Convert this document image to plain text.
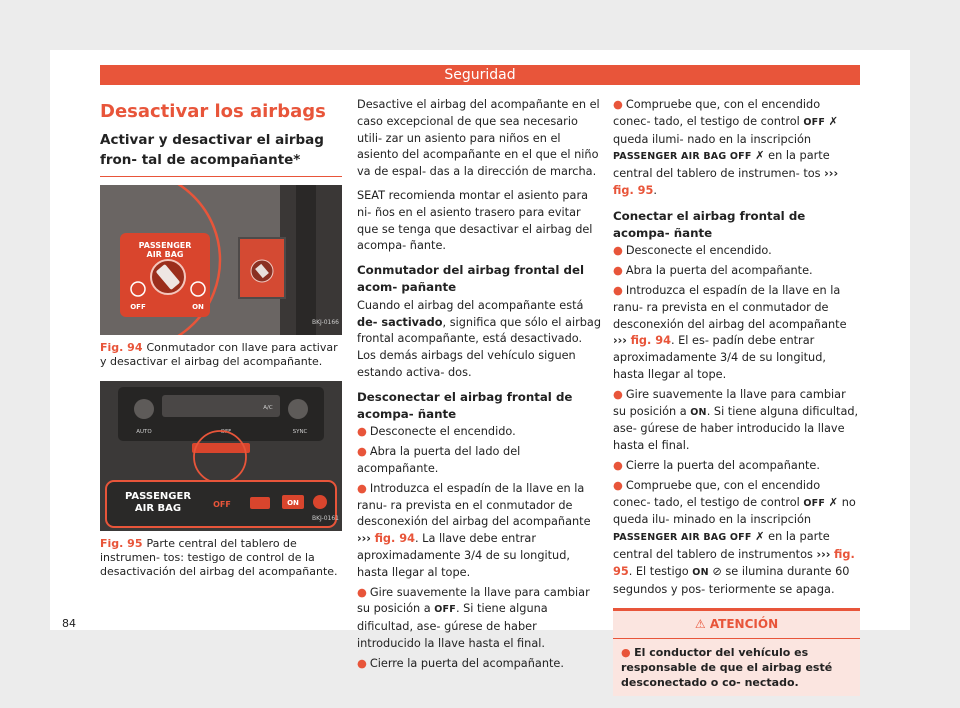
Seguridad
Desactivar los airbags
Activar y desactivar el airbag fron- tal de acompañante*
PASSENGER
AIR BAG
OFF	ON
BKJ-0166
Fig. 94 Conmutador con llave para activar y desactivar el airbag del acompañante.
AUTO	OFF
A/C
SYNC
PASSENGER
AIR BAG	OFF	ON
BKJ-0161
Fig. 95 Parte central del tablero de instrumen- tos: testigo de control de la desactivación del airbag del acompañante.

Desactive el airbag del acompañante en el caso excepcional de que sea necesario utili- zar un asiento para niños en el asiento del acompañante en el que el niño va de espal- das a la dirección de marcha.

SEAT recomienda montar el asiento para ni- ños en el asiento trasero para evitar que se tenga que desactivar el airbag del acompa- ñante.

Conmutador del airbag frontal del acom- pañante

Cuando el airbag del acompañante está de- sactivado, significa que sólo el airbag frontal acompañante, está desactivado. Los demás airbags del vehículo siguen estando activa- dos.

Desconectar el airbag frontal de acompa- ñante
● Desconecte el encendido.
● Abra la puerta del lado del acompañante.
● Introduzca el espadín de la llave en la ranu- ra prevista en el conmutador de desconexión del airbag del acompañante ››› fig. 94. La llave debe entrar aproximadamente 3/4 de su longitud, hasta llegar al tope.
● Gire suavemente la llave para cambiar su posición a OFF. Si tiene alguna dificultad, ase- gúrese de haber introducido la llave hasta el final.
● Cierre la puerta del acompañante.
● Compruebe que, con el encendido conec- tado, el testigo de control OFF ✗ queda ilumi- nado en la inscripción PASSENGER AIR BAG OFF ✗ en la parte central del tablero de instrumen- tos ››› fig. 95.
Conectar el airbag frontal de acompa- ñante
● Desconecte el encendido.
● Abra la puerta del acompañante.
● Introduzca el espadín de la llave en la ranu- ra prevista en el conmutador de desconexión del airbag del acompañante ››› fig. 94. El es- padín debe entrar aproximadamente 3/4 de su longitud, hasta llegar al tope.
● Gire suavemente la llave para cambiar su posición a ON. Si tiene alguna dificultad, ase- gúrese de haber introducido la llave hasta el final.
● Cierre la puerta del acompañante.
● Compruebe que, con el encendido conec- tado, el testigo de control OFF ✗ no queda ilu- minado en la inscripción PASSENGER AIR BAG OFF ✗ en la parte central del tablero de instrumentos ››› fig. 95. El testigo ON ⊘ se ilumina durante 60 segundos y pos- teriormente se apaga.
⚠ ATENCIÓN
● El conductor del vehículo es responsable de que el airbag esté desconectado o co- nectado.
84
